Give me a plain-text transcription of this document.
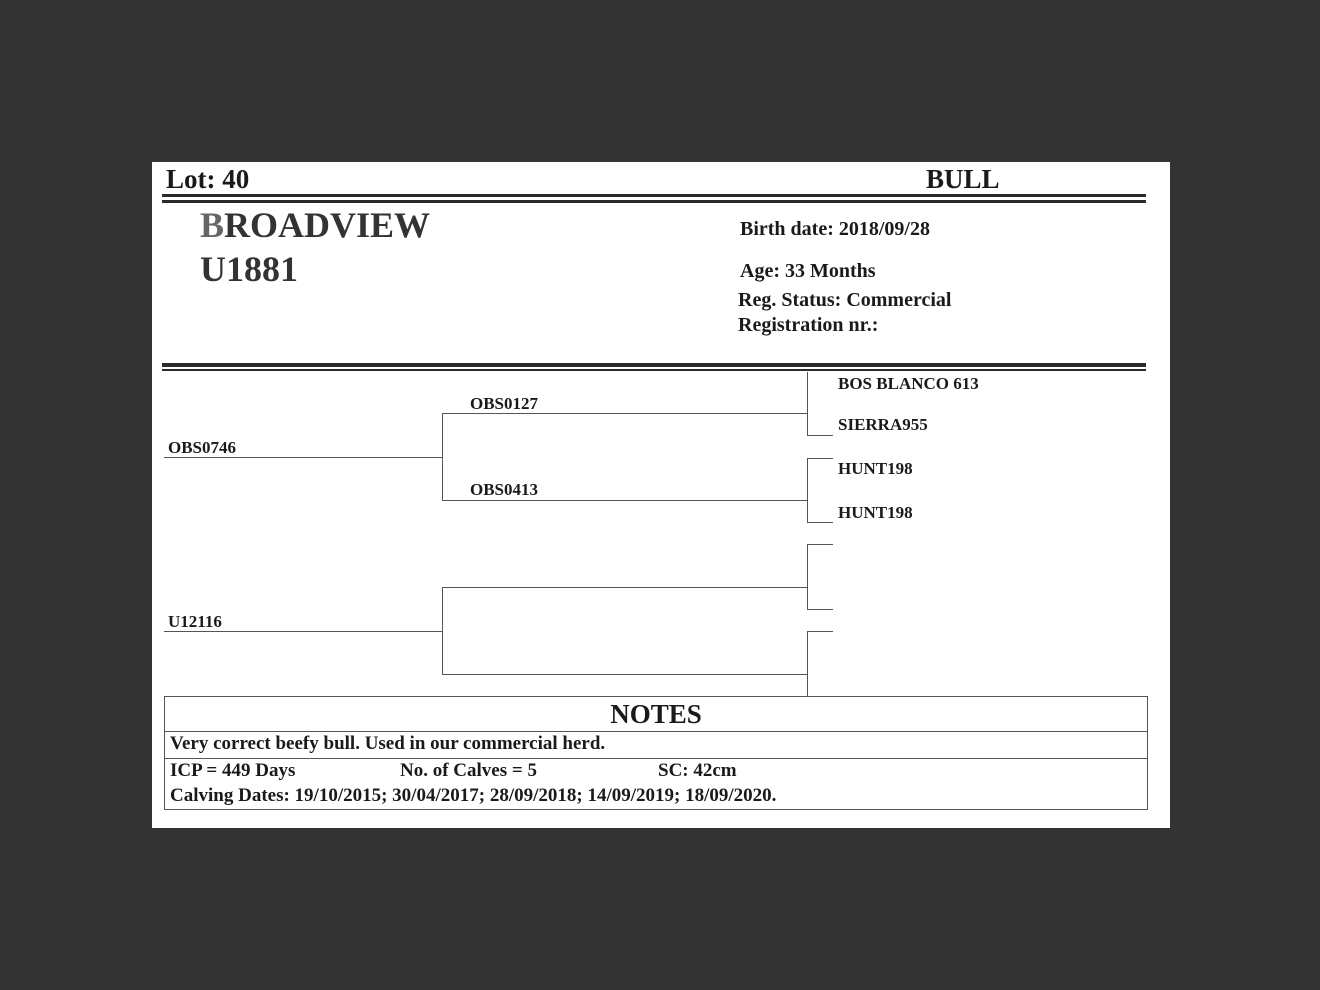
Lot: 40	BULL
BROADVIEW
U1881
Birth date: 2018/09/28
Age: 33 Months
Reg. Status: Commercial
Registration nr.:
OBS0746
OBS0127
OBS0413
BOS BLANCO 613
SIERRA955
HUNT198
HUNT198
U12116
NOTES
Very correct beefy bull. Used in our commercial herd.
ICP = 449 Days	No. of Calves = 5	SC: 42cm
Calving Dates: 19/10/2015; 30/04/2017; 28/09/2018; 14/09/2019; 18/09/2020.
